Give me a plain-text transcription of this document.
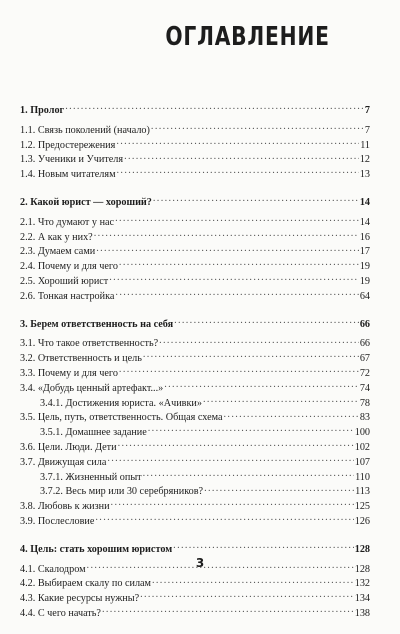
ОГЛАВЛЕНИЕ
1. Пролог . . .	7
1.1. Связь поколений (начало) . . .	7
1.2. Предостережения . . .	11
1.3. Ученики и Учителя . . .	12
1.4. Новым читателям . . .	13
2. Какой юрист — хороший? . . .	14
2.1. Что думают у нас . . .	14
2.2. А как у них? . . .	16
2.3. Думаем сами . . .	17
2.4. Почему и для чего . . .	19
2.5. Хороший юрист . . .	19
2.6. Тонкая настройка . . .	64
3. Берем ответственность на себя . . .	66
3.1. Что такое ответственность? . . .	66
3.2. Ответственность и цель . . .	67
3.3. Почему и для чего . . .	72
3.4. «Добудь ценный артефакт...» . . .	74
3.4.1. Достижения юриста. «Ачивки» . . .	78
3.5. Цель, путь, ответственность. Общая схема . . .	83
3.5.1. Домашнее задание . . .	100
3.6. Цели. Люди. Дети . . .	102
3.7. Движущая сила . . .	107
3.7.1. Жизненный опыт . . .	110
3.7.2. Весь мир или 30 серебряников? . . .	113
3.8. Любовь к жизни . . .	125
3.9. Послесловие . . .	126
4. Цель: стать хорошим юристом . . .	128
4.1. Скалодром . . .	128
4.2. Выбираем скалу по силам . . .	132
4.3. Какие ресурсы нужны? . . .	134
4.4. С чего начать? . . .	138
3
